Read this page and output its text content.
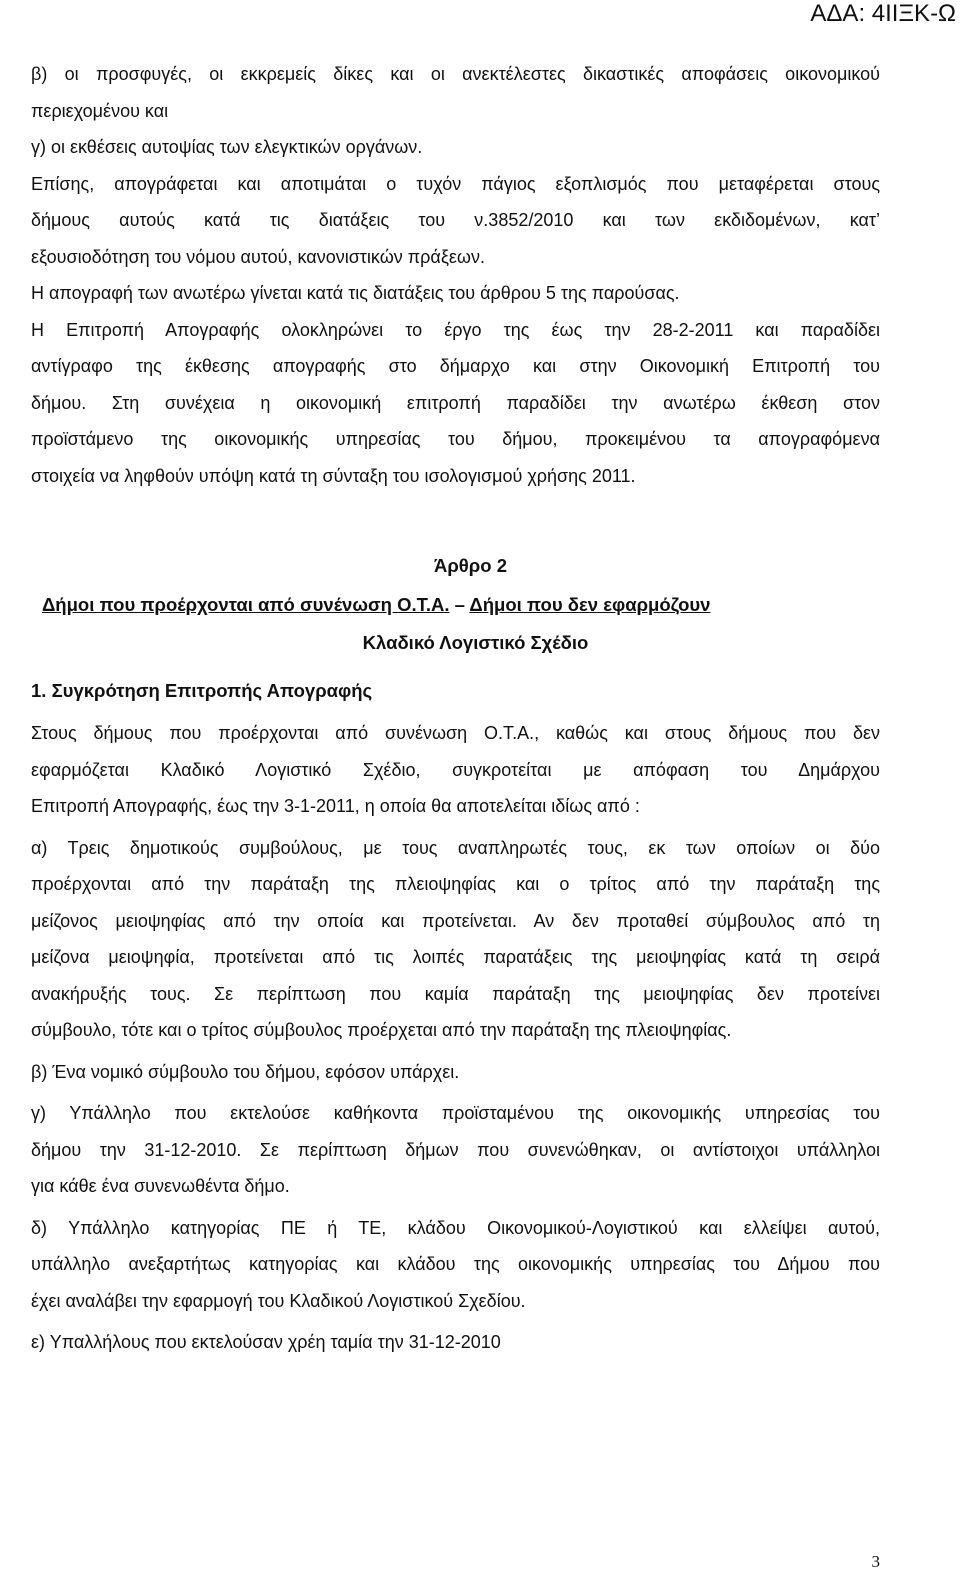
ΑΔΑ: 4ΙΙΞΚ-Ω
β) οι προσφυγές, οι εκκρεμείς δίκες και οι ανεκτέλεστες δικαστικές αποφάσεις οικονομικού
περιεχομένου και
γ) οι εκθέσεις αυτοψίας των ελεγκτικών οργάνων.
Επίσης, απογράφεται και αποτιμάται ο τυχόν πάγιος εξοπλισμός που μεταφέρεται στους
δήμους αυτούς κατά τις διατάξεις του ν.3852/2010 και των εκδιδομένων, κατ’
εξουσιοδότηση του νόμου αυτού, κανονιστικών πράξεων.
Η απογραφή των ανωτέρω γίνεται κατά τις διατάξεις του άρθρου 5 της παρούσας.
Η Επιτροπή Απογραφής ολοκληρώνει το έργο της έως την 28-2-2011 και παραδίδει
αντίγραφο της έκθεσης απογραφής στο δήμαρχο και στην Οικονομική Επιτροπή του
δήμου. Στη συνέχεια η οικονομική επιτροπή παραδίδει την ανωτέρω έκθεση στον
προϊστάμενο της οικονομικής υπηρεσίας του δήμου, προκειμένου τα απογραφόμενα
στοιχεία να ληφθούν υπόψη κατά τη σύνταξη του ισολογισμού χρήσης 2011.
Άρθρο 2
Δήμοι που προέρχονται από συνένωση Ο.Τ.Α. – Δήμοι που δεν εφαρμόζουν
Κλαδικό Λογιστικό Σχέδιο
1. Συγκρότηση Επιτροπής Απογραφής
Στους δήμους που προέρχονται από συνένωση Ο.Τ.Α., καθώς και στους δήμους που δεν
εφαρμόζεται Κλαδικό Λογιστικό Σχέδιο, συγκροτείται με απόφαση του Δημάρχου
Επιτροπή Απογραφής, έως την 3-1-2011, η οποία θα αποτελείται ιδίως από :
α) Τρεις δημοτικούς συμβούλους, με τους αναπληρωτές τους, εκ των οποίων οι δύο
προέρχονται από την παράταξη της πλειοψηφίας και ο τρίτος από την παράταξη της
μείζονος μειοψηφίας από την οποία και προτείνεται. Αν δεν προταθεί σύμβουλος από τη
μείζονα μειοψηφία, προτείνεται από τις λοιπές παρατάξεις της μειοψηφίας κατά τη σειρά
ανακήρυξής τους. Σε περίπτωση που καμία παράταξη της μειοψηφίας δεν προτείνει
σύμβουλο, τότε και ο τρίτος σύμβουλος προέρχεται από την παράταξη της πλειοψηφίας.
β) Ένα νομικό σύμβουλο του δήμου, εφόσον υπάρχει.
γ) Υπάλληλο που εκτελούσε καθήκοντα προϊσταμένου της οικονομικής υπηρεσίας του
δήμου την 31-12-2010. Σε περίπτωση δήμων που συνενώθηκαν, οι αντίστοιχοι υπάλληλοι
για κάθε ένα συνενωθέντα δήμο.
δ) Υπάλληλο κατηγορίας ΠΕ ή ΤΕ, κλάδου Οικονομικού-Λογιστικού και ελλείψει αυτού,
υπάλληλο ανεξαρτήτως κατηγορίας και κλάδου της οικονομικής υπηρεσίας του Δήμου που
έχει αναλάβει την εφαρμογή του Κλαδικού Λογιστικού Σχεδίου.
ε) Υπαλλήλους που εκτελούσαν χρέη ταμία την 31-12-2010
3
